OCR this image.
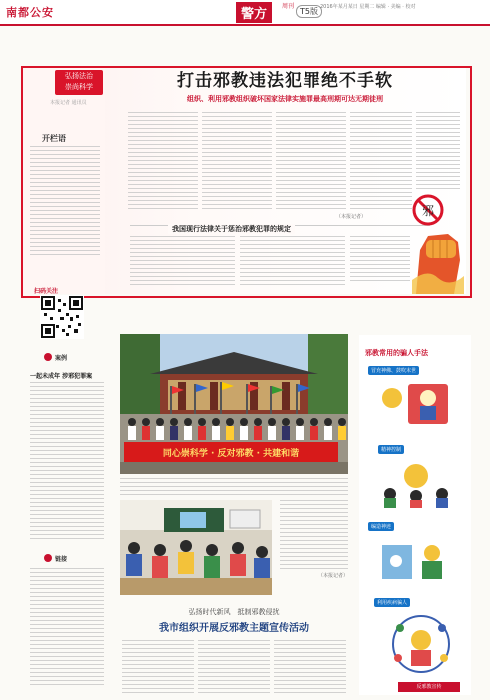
南都公安	警方
周刊
T5版 2016年某月某日 星期二 编辑 · 美编 · 校对
弘扬法治
崇尚科学
本报记者 通讯员
打击邪教违法犯罪绝不手软
组织、利用邪教组织破坏国家法律实施罪最高刑期可达无期徒刑
（本报记者）
我国现行法律关于惩治邪教犯罪的规定
邪
开栏语
扫码关注
案例
一起未成年 涉邪犯罪案
链接
同心崇科学 · 反对邪教 · 共建和谐
（本报记者）
弘扬时代新风　抵制邪教侵扰
我市组织开展反邪教主题宣传活动
邪教常用的骗人手法
冒充神佛、鼓吹末世
精神控制
编造神迹
利用疾病骗人
反邪教宣传
